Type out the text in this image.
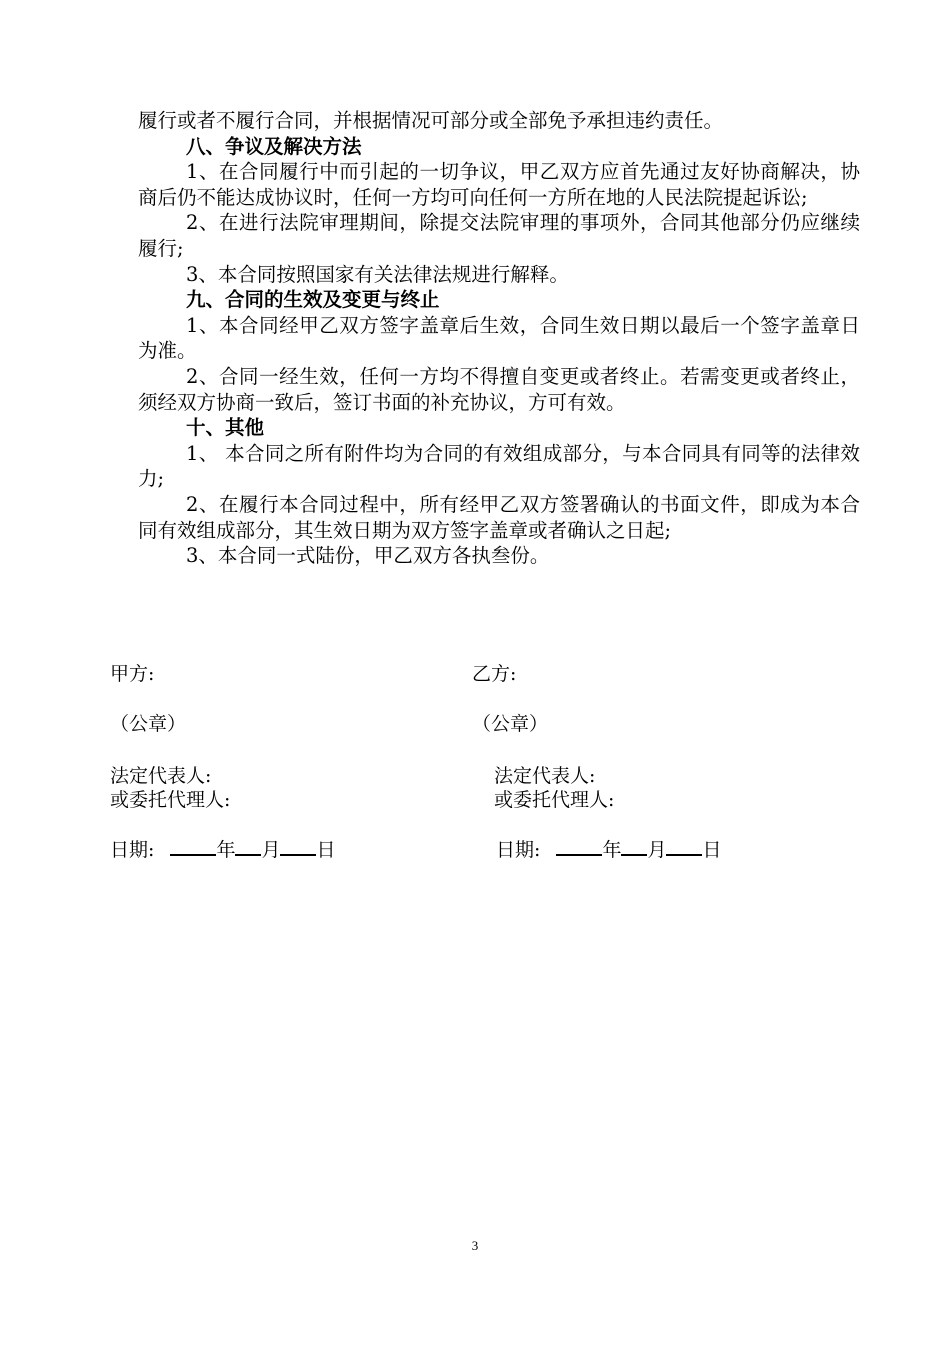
履行或者不履行合同，并根据情况可部分或全部免予承担违约责任。

八、争议及解决方法

1、在合同履行中而引起的一切争议，甲乙双方应首先通过友好协商解决，协商后仍不能达成协议时，任何一方均可向任何一方所在地的人民法院提起诉讼;

2、在进行法院审理期间，除提交法院审理的事项外，合同其他部分仍应继续履行;

3、本合同按照国家有关法律法规进行解释。

九、合同的生效及变更与终止

1、本合同经甲乙双方签字盖章后生效，合同生效日期以最后一个签字盖章日为准。

2、合同一经生效，任何一方均不得擅自变更或者终止。若需变更或者终止，须经双方协商一致后，签订书面的补充协议，方可有效。

十、其他

1、 本合同之所有附件均为合同的有效组成部分，与本合同具有同等的法律效力;

2、在履行本合同过程中，所有经甲乙双方签署确认的书面文件，即成为本合同有效组成部分，其生效日期为双方签字盖章或者确认之日起;

3、本合同一式陆份，甲乙双方各执叁份。

甲方:
（公章）
法定代表人:
或委托代理人:
日期:	年 月 日
乙方:
（公章）
法定代表人:
或委托代理人:
日期:	年 月 日
3
